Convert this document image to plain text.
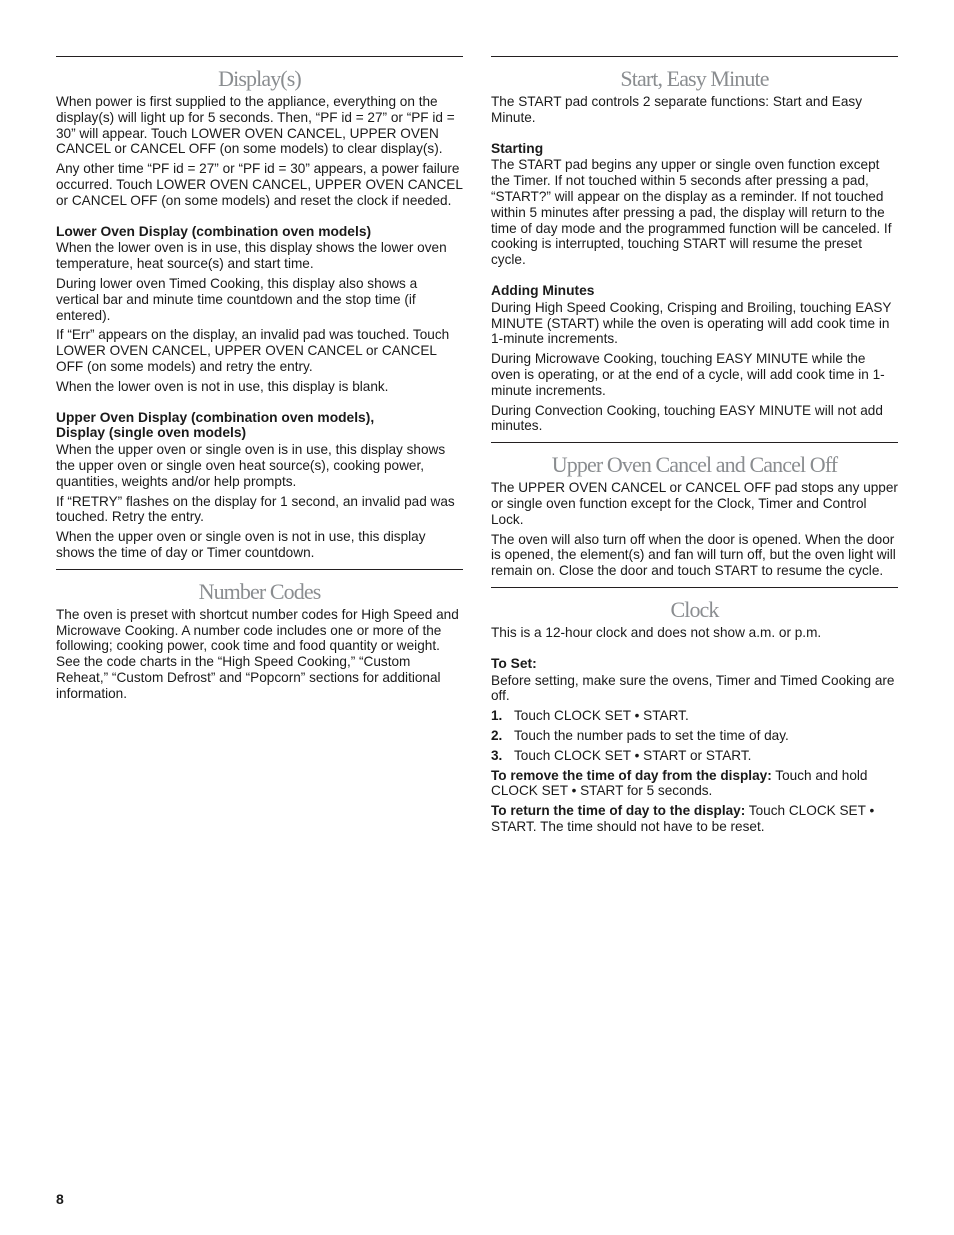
Display(s)

When power is first supplied to the appliance, everything on the display(s) will light up for 5 seconds. Then, “PF id = 27” or “PF id = 30” will appear. Touch LOWER OVEN CANCEL, UPPER OVEN CANCEL or CANCEL OFF (on some models) to clear display(s).

Any other time “PF id = 27” or “PF id = 30” appears, a power failure occurred. Touch LOWER OVEN CANCEL, UPPER OVEN CANCEL or CANCEL OFF (on some models) and reset the clock if needed.

Lower Oven Display (combination oven models)

When the lower oven is in use, this display shows the lower oven temperature, heat source(s) and start time.

During lower oven Timed Cooking, this display also shows a vertical bar and minute time countdown and the stop time (if entered).

If “Err” appears on the display, an invalid pad was touched. Touch LOWER OVEN CANCEL, UPPER OVEN CANCEL or CANCEL OFF (on some models) and retry the entry.

When the lower oven is not in use, this display is blank.

Upper Oven Display (combination oven models),
Display (single oven models)

When the upper oven or single oven is in use, this display shows the upper oven or single oven heat source(s), cooking power, quantities, weights and/or help prompts.

If “RETRY” flashes on the display for 1 second, an invalid pad was touched. Retry the entry.

When the upper oven or single oven is not in use, this display shows the time of day or Timer countdown.

Number Codes

The oven is preset with shortcut number codes for High Speed and Microwave Cooking. A number code includes one or more of the following; cooking power, cook time and food quantity or weight. See the code charts in the “High Speed Cooking,” “Custom Reheat,” “Custom Defrost” and “Popcorn” sections for additional information.

Start, Easy Minute

The START pad controls 2 separate functions: Start and Easy Minute.

Starting

The START pad begins any upper or single oven function except the Timer. If not touched within 5 seconds after pressing a pad, “START?” will appear on the display as a reminder. If not touched within 5 minutes after pressing a pad, the display will return to the time of day mode and the programmed function will be canceled. If cooking is interrupted, touching START will resume the preset cycle.

Adding Minutes

During High Speed Cooking, Crisping and Broiling, touching EASY MINUTE (START) while the oven is operating will add cook time in 1-minute increments.

During Microwave Cooking, touching EASY MINUTE while the oven is operating, or at the end of a cycle, will add cook time in 1-minute increments.

During Convection Cooking, touching EASY MINUTE will not add minutes.

Upper Oven Cancel and Cancel Off

The UPPER OVEN CANCEL or CANCEL OFF pad stops any upper or single oven function except for the Clock, Timer and Control Lock.

The oven will also turn off when the door is opened. When the door is opened, the element(s) and fan will turn off, but the oven light will remain on. Close the door and touch START to resume the cycle.

Clock

This is a 12-hour clock and does not show a.m. or p.m.

To Set:

Before setting, make sure the ovens, Timer and Timed Cooking are off.

1. Touch CLOCK SET • START.
2. Touch the number pads to set the time of day.
3. Touch CLOCK SET • START or START.

To remove the time of day from the display: Touch and hold CLOCK SET • START for 5 seconds.

To return the time of day to the display: Touch CLOCK SET • START. The time should not have to be reset.

8
